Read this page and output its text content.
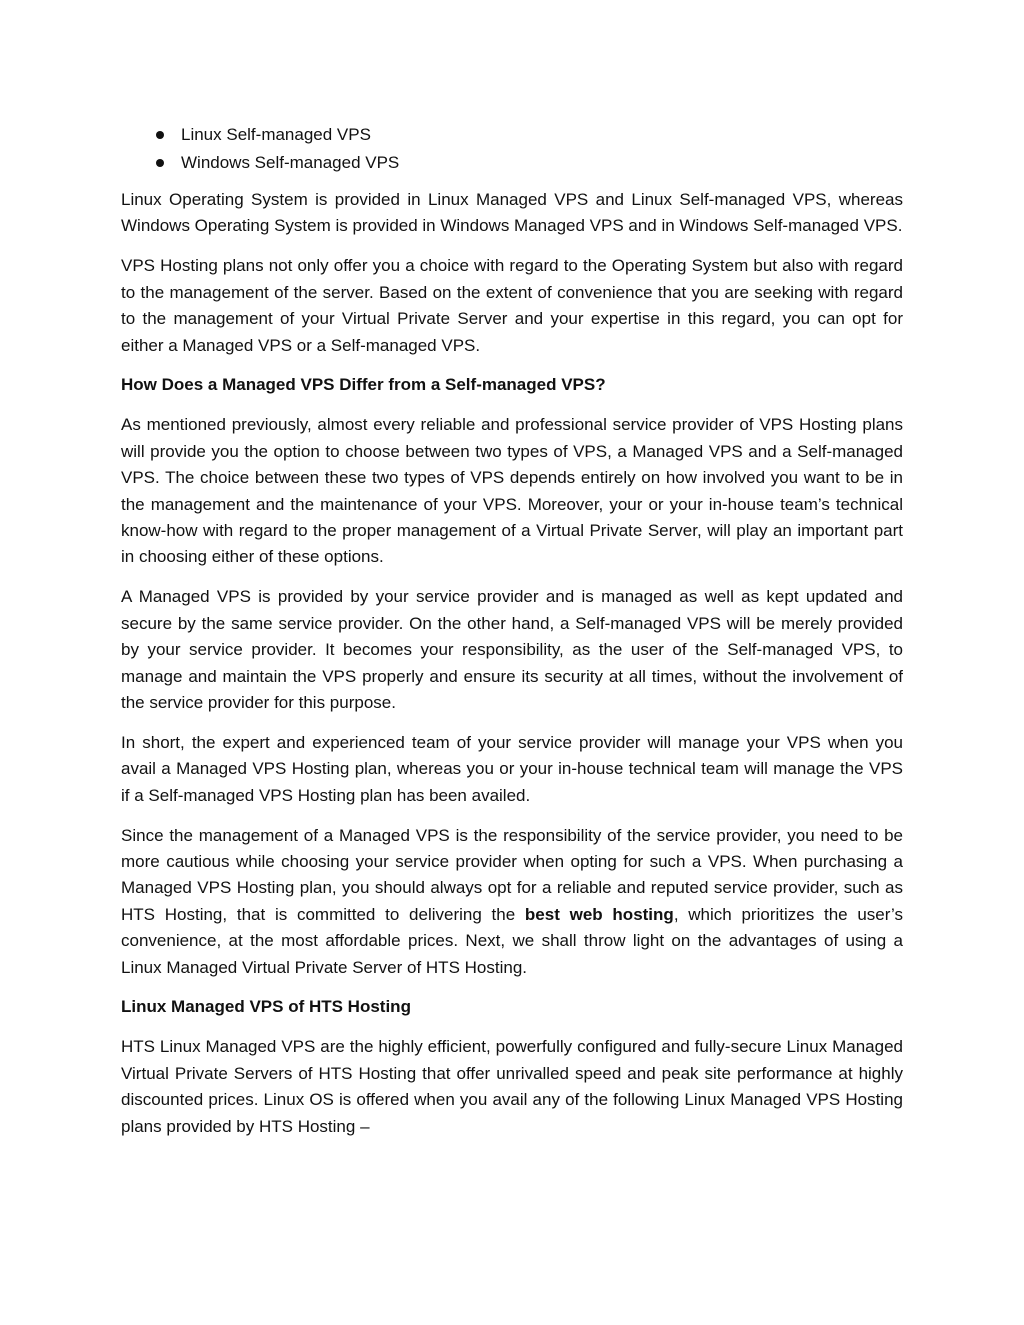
Linux Self-managed VPS
Windows Self-managed VPS

Linux Operating System is provided in Linux Managed VPS and Linux Self-managed VPS, whereas Windows Operating System is provided in Windows Managed VPS and in Windows Self-managed VPS.

VPS Hosting plans not only offer you a choice with regard to the Operating System but also with regard to the management of the server. Based on the extent of convenience that you are seeking with regard to the management of your Virtual Private Server and your expertise in this regard, you can opt for either a Managed VPS or a Self-managed VPS.

How Does a Managed VPS Differ from a Self-managed VPS?

As mentioned previously, almost every reliable and professional service provider of VPS Hosting plans will provide you the option to choose between two types of VPS, a Managed VPS and a Self-managed VPS. The choice between these two types of VPS depends entirely on how involved you want to be in the management and the maintenance of your VPS. Moreover, your or your in-house team’s technical know-how with regard to the proper management of a Virtual Private Server, will play an important part in choosing either of these options.

A Managed VPS is provided by your service provider and is managed as well as kept updated and secure by the same service provider. On the other hand, a Self-managed VPS will be merely provided by your service provider. It becomes your responsibility, as the user of the Self-managed VPS, to manage and maintain the VPS properly and ensure its security at all times, without the involvement of the service provider for this purpose.

In short, the expert and experienced team of your service provider will manage your VPS when you avail a Managed VPS Hosting plan, whereas you or your in-house technical team will manage the VPS if a Self-managed VPS Hosting plan has been availed.

Since the management of a Managed VPS is the responsibility of the service provider, you need to be more cautious while choosing your service provider when opting for such a VPS. When purchasing a Managed VPS Hosting plan, you should always opt for a reliable and reputed service provider, such as HTS Hosting, that is committed to delivering the best web hosting, which prioritizes the user’s convenience, at the most affordable prices. Next, we shall throw light on the advantages of using a Linux Managed Virtual Private Server of HTS Hosting.

Linux Managed VPS of HTS Hosting

HTS Linux Managed VPS are the highly efficient, powerfully configured and fully-secure Linux Managed Virtual Private Servers of HTS Hosting that offer unrivalled speed and peak site performance at highly discounted prices. Linux OS is offered when you avail any of the following Linux Managed VPS Hosting plans provided by HTS Hosting –
